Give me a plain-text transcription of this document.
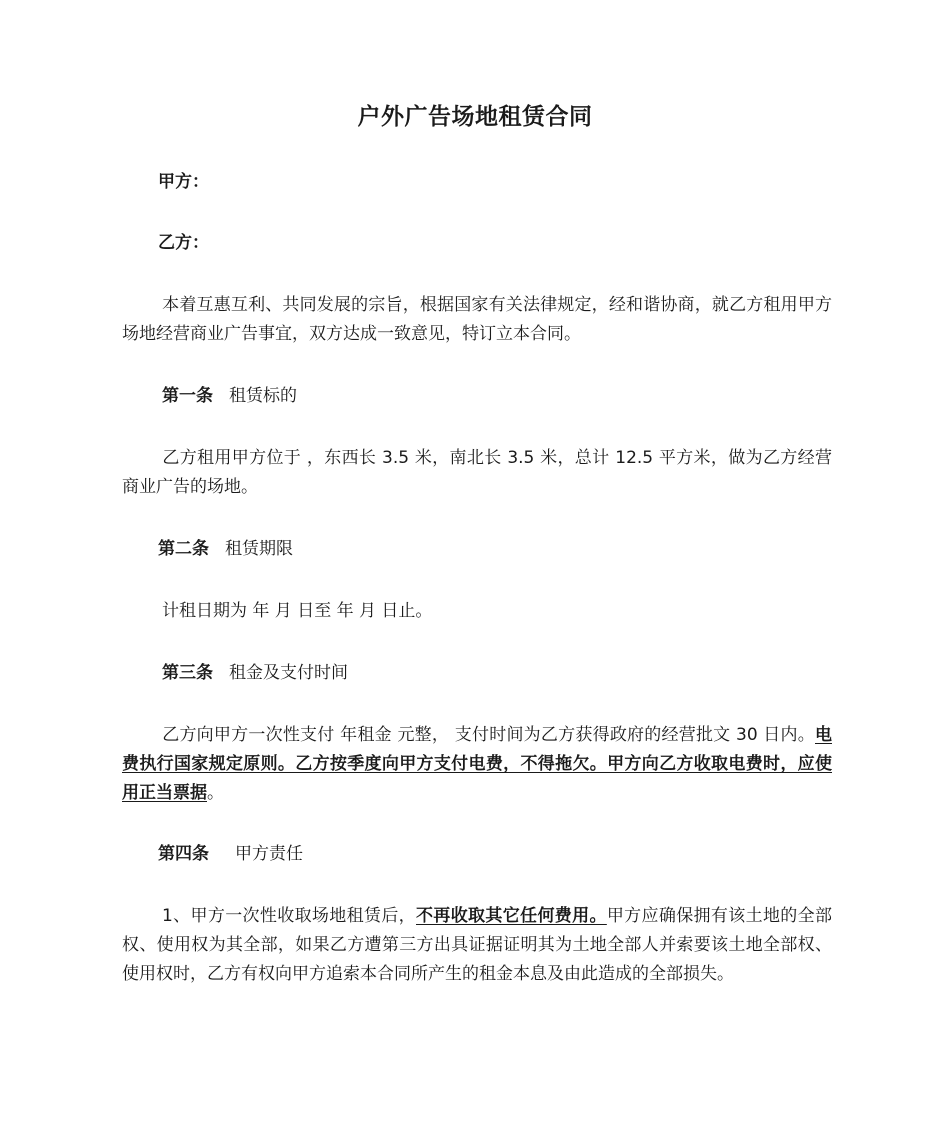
户外广告场地租赁合同
甲方：
乙方：
本着互惠互利、共同发展的宗旨，根据国家有关法律规定，经和谐协商，就乙方租用甲方场地经营商业广告事宜，双方达成一致意见，特订立本合同。
第一条 租赁标的
乙方租用甲方位于 ，东西长 3.5 米，南北长 3.5 米，总计 12.5 平方米，做为乙方经营商业广告的场地。
第二条 租赁期限
计租日期为 年 月 日至 年 月 日止。
第三条 租金及支付时间
乙方向甲方一次性支付 年租金 元整， 支付时间为乙方获得政府的经营批文 30 日内。电费执行国家规定原则。乙方按季度向甲方支付电费，不得拖欠。甲方向乙方收取电费时，应使用正当票据。
第四条 甲方责任
1、甲方一次性收取场地租赁后，不再收取其它任何费用。甲方应确保拥有该土地的全部权、使用权为其全部，如果乙方遭第三方出具证据证明其为土地全部人并索要该土地全部权、使用权时，乙方有权向甲方追索本合同所产生的租金本息及由此造成的全部损失。
